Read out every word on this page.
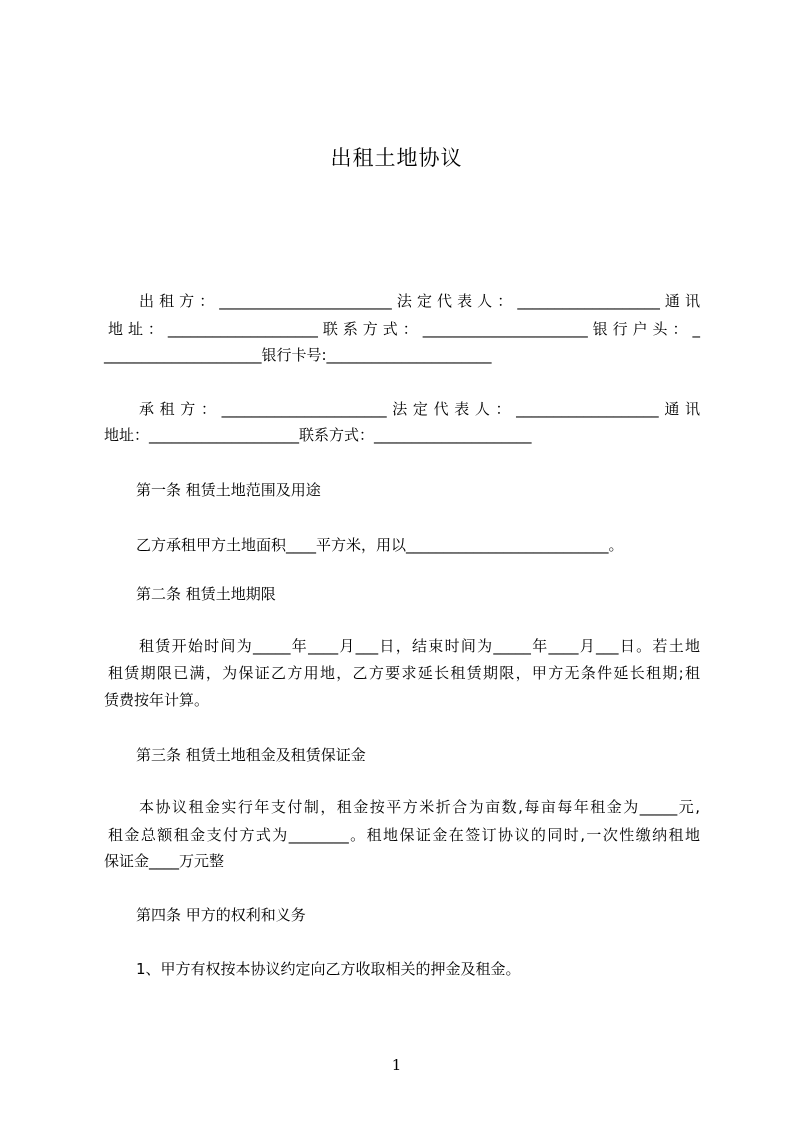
出租土地协议
出租方：_______________________法定代表人：___________________通讯
地址：____________________联系方式：______________________银行户头：_
_____________________银行卡号:______________________
承租方：______________________法定代表人：___________________通讯
地址：____________________联系方式：_____________________
第一条 租赁土地范围及用途
乙方承租甲方土地面积____平方米，用以___________________________。
第二条 租赁土地期限
租赁开始时间为_____年____月___日，结束时间为_____年____月___日。若土地
租赁期限已满，为保证乙方用地，乙方要求延长租赁期限，甲方无条件延长租期;租
赁费按年计算。
第三条 租赁土地租金及租赁保证金
本协议租金实行年支付制，租金按平方米折合为亩数,每亩每年租金为_____元,
租金总额租金支付方式为________。租地保证金在签订协议的同时,一次性缴纳租地
保证金____万元整
第四条 甲方的权利和义务
1、甲方有权按本协议约定向乙方收取相关的押金及租金。
1
